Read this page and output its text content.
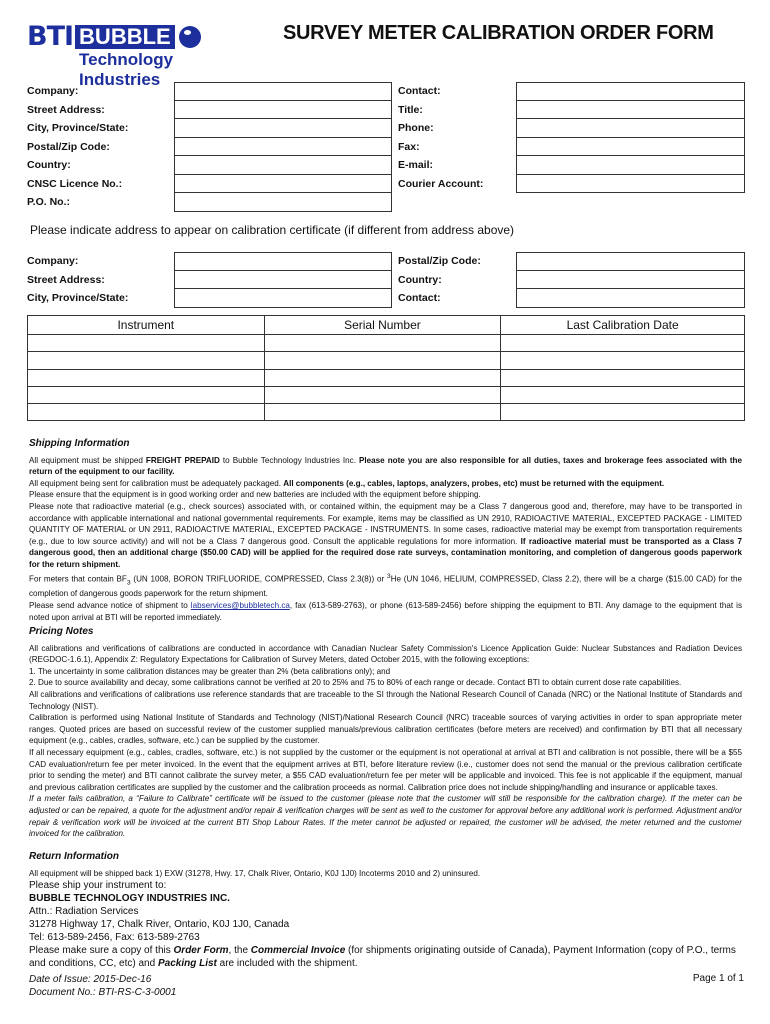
BTI BUBBLE
Technology Industries
SURVEY METER CALIBRATION ORDER FORM
Company:	Contact:
Street Address:	Title:
City, Province/State:	Phone:
Postal/Zip Code:	Fax:
Country:	E-mail:
CNSC Licence No.:	Courier Account:
P.O. No.:
Please indicate address to appear on calibration certificate (if different from address above)
Company:	Postal/Zip Code:
Street Address:	Country:
City, Province/State:	Contact:
Instrument	Serial Number	Last Calibration Date

Shipping Information

All equipment must be shipped FREIGHT PREPAID to Bubble Technology Industries Inc. Please note you are also responsible for all duties, taxes and brokerage fees associated with the return of the equipment to our facility.

All equipment being sent for calibration must be adequately packaged. All components (e.g., cables, laptops, analyzers, probes, etc) must be returned with the equipment.

Please ensure that the equipment is in good working order and new batteries are included with the equipment before shipping.

Please note that radioactive material (e.g., check sources) associated with, or contained within, the equipment may be a Class 7 dangerous good and, therefore, may have to be transported in accordance with applicable international and national governmental requirements. For example, items may be classified as UN 2910, RADIOACTIVE MATERIAL, EXCEPTED PACKAGE - LIMITED QUANTITY OF MATERIAL or UN 2911, RADIOACTIVE MATERIAL, EXCEPTED PACKAGE - INSTRUMENTS. In some cases, radioactive material may be exempt from transportation requirements (e.g., due to low source activity) and will not be a Class 7 dangerous good. Consult the applicable regulations for more information. If radioactive material must be transported as a Class 7 dangerous good, then an additional charge ($50.00 CAD) will be applied for the required dose rate surveys, contamination monitoring, and completion of dangerous goods paperwork for the return shipment.

For meters that contain $BF_3$ (UN 1008, BORON TRIFLUORIDE, COMPRESSED, Class 2.3(8)) or $^3$He (UN 1046, HELIUM, COMPRESSED, Class 2.2), there will be a charge ($15.00 CAD) for the completion of dangerous goods paperwork for the return shipment.

Please send advance notice of shipment to labservices@bubbletech.ca, fax (613-589-2763), or phone (613-589-2456) before shipping the equipment to BTI. Any damage to the equipment that is noted upon arrival at BTI will be reported immediately.

Pricing Notes

All calibrations and verifications of calibrations are conducted in accordance with Canadian Nuclear Safety Commission's Licence Application Guide: Nuclear Substances and Radiation Devices (REGDOC-1.6.1), Appendix Z: Regulatory Expectations for Calibration of Survey Meters, dated October 2015, with the following exceptions:

1. The uncertainty in some calibration distances may be greater than 2% (beta calibrations only); and

2. Due to source availability and decay, some calibrations cannot be verified at 20 to 25% and 75 to 80% of each range or decade. Contact BTI to obtain current dose rate capabilities.

All calibrations and verifications of calibrations use reference standards that are traceable to the SI through the National Research Council of Canada (NRC) or the National Institute of Standards and Technology (NIST).

Calibration is performed using National Institute of Standards and Technology (NIST)/National Research Council (NRC) traceable sources of varying activities in order to span appropriate meter ranges. Quoted prices are based on successful review of the customer supplied manuals/previous calibration certificates (before meters are received) and confirmation by BTI that all necessary equipment (e.g., cables, cradles, software, etc.) can be supplied by the customer.

If all necessary equipment (e.g., cables, cradles, software, etc.) is not supplied by the customer or the equipment is not operational at arrival at BTI and calibration is not possible, there will be a $55 CAD evaluation/return fee per meter invoiced. In the event that the equipment arrives at BTI, before literature review (i.e., customer does not send the manual or the previous calibration certificate prior to sending the meter) and BTI cannot calibrate the survey meter, a $55 CAD evaluation/return fee per meter will be applicable and invoiced. This fee is not applicable if the equipment, manual and previous calibration certificates are supplied by the customer and the calibration proceeds as normal. Calibration price does not include shipping/handling and insurance or applicable taxes.

If a meter fails calibration, a “Failure to Calibrate” certificate will be issued to the customer (please note that the customer will still be responsible for the calibration charge). If the meter can be adjusted or can be repaired, a quote for the adjustment and/or repair & verification charges will be sent as well to the customer for approval before any additional work is performed. Adjustment and/or repair & verification work will be invoiced at the current BTI Shop Labour Rates. If the meter cannot be adjusted or repaired, the customer will be advised, the meter returned and the customer invoiced for the calibration.

Return Information

All equipment will be shipped back 1) EXW (31278, Hwy. 17, Chalk River, Ontario, K0J 1J0) Incoterms 2010 and 2) uninsured.

Please ship your instrument to:
BUBBLE TECHNOLOGY INDUSTRIES INC.
Attn.: Radiation Services
31278 Highway 17, Chalk River, Ontario, K0J 1J0, Canada
Tel: 613-589-2456, Fax: 613-589-2763
Please make sure a copy of this Order Form, the Commercial Invoice (for shipments originating outside of Canada), Payment Information (copy of P.O., terms and conditions, CC, etc) and Packing List are included with the shipment.
Date of Issue: 2015-Dec-16
Document No.: BTI-RS-C-3-0001
Page 1 of 1
